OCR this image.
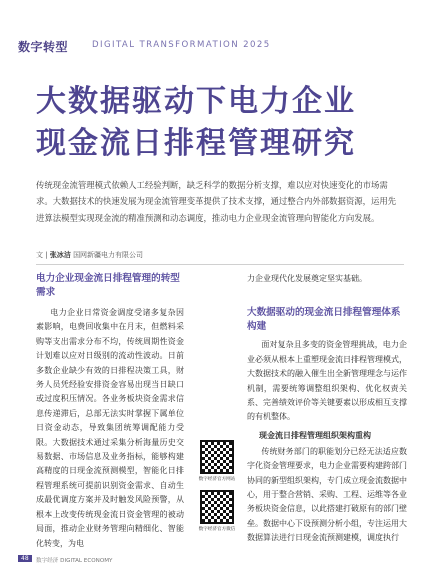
数字转型	DIGITAL TRANSFORMATION 2025
大数据驱动下电力企业
现金流日排程管理研究
传统现金流管理模式依赖人工经验判断，缺乏科学的数据分析支撑，难以应对快速变化的市场需求。大数据技术的快速发展为现金流管理变革提供了技术支撑，通过整合内外部数据资源，运用先进算法模型实现现金流的精准预测和动态调度，推动电力企业现金流管理向智能化方向发展。
文 | 张冰洁 国网新疆电力有限公司
电力企业现金流日排程管理的转型需求

电力企业日常资金调度受诸多复杂因素影响，电费回收集中在月末，但燃料采购等支出需求分布不均，传统周期性资金计划难以应对日级别的流动性波动。日前多数企业缺少有效的日排程决策工具，财务人员凭经验安排资金容易出现当日缺口或过度积压情况。各业务板块资金需求信息传递滞后，总部无法实时掌握下属单位日资金动态，导致集团统筹调配能力受限。大数据技术通过采集分析海量历史交易数据、市场信息及业务指标，能够构建高精度的日现金流预测模型，智能化日排程管理系统可提前识别资金需求、自动生成最优调度方案并及时触发风险预警，从根本上改变传统现金流日资金管理的被动局面，推动企业财务管理向精细化、智能化转变，为电

数字经济官方网站
数字经济官方微信

力企业现代化发展奠定坚实基础。

大数据驱动的现金流日排程管理体系构建

面对复杂且多变的资金管理挑战，电力企业必须从根本上重塑现金流日排程管理模式，大数据技术的融入催生出全新管理理念与运作机制，需要统筹调整组织架构、优化权责关系、完善绩效评价等关键要素以形成相互支撑的有机整体。

现金流日排程管理组织架构重构

传统财务部门的职能划分已经无法适应数字化资金管理要求，电力企业需要构建跨部门协同的新型组织架构，专门成立现金流数据中心，用于整合营销、采购、工程、运维等各业务板块资金信息，以此搭建打破原有的部门壁垒。数据中心下设预测分析小组，专注运用大数据算法进行日现金流预测建模，调度执行

48	数字经济 DIGITAL ECONOMY
